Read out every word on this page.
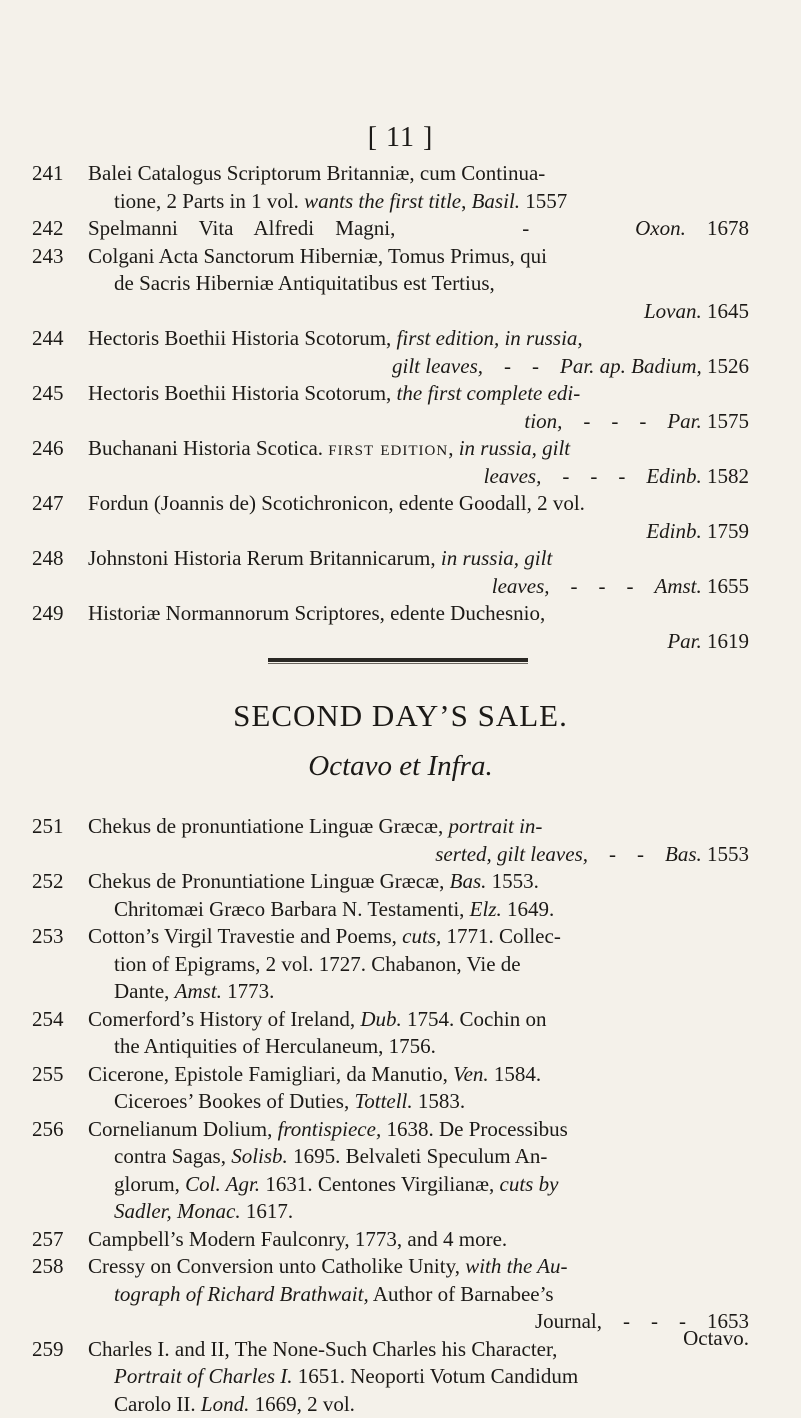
[ 11 ]
241 Balei Catalogus Scriptorum Britanniæ, cum Continua-
tione, 2 Parts in 1 vol. wants the first title, Basil. 1557
242 Spelmanni Vita Alfredi Magni,      -     Oxon. 1678
243 Colgani Acta Sanctorum Hiberniæ, Tomus Primus, qui
de Sacris Hiberniæ Antiquitatibus est Tertius,
Lovan. 1645
244 Hectoris Boethii Historia Scotorum, first edition, in russia,
gilt leaves,    -    -    Par. ap. Badium, 1526
245 Hectoris Boethii Historia Scotorum, the first complete edi-
tion,    -    -    -    Par. 1575
246 Buchanani Historia Scotica. first edition, in russia, gilt
leaves,    -    -    -    Edinb. 1582
247 Fordun (Joannis de) Scotichronicon, edente Goodall, 2 vol.
Edinb. 1759
248 Johnstoni Historia Rerum Britannicarum, in russia, gilt
leaves,    -    -    -    Amst. 1655
249 Historiæ Normannorum Scriptores, edente Duchesnio,
Par. 1619
SECOND DAY’S SALE.
Octavo et Infra.
251 Chekus de pronuntiatione Linguæ Græcæ, portrait in-
serted, gilt leaves,    -    -    Bas. 1553
252 Chekus de Pronuntiatione Linguæ Græcæ, Bas. 1553.
Chritomæi Græco Barbara N. Testamenti, Elz. 1649.
253 Cotton’s Virgil Travestie and Poems, cuts, 1771. Collec-
tion of Epigrams, 2 vol. 1727. Chabanon, Vie de
Dante, Amst. 1773.
254 Comerford’s History of Ireland, Dub. 1754. Cochin on
the Antiquities of Herculaneum, 1756.
255 Cicerone, Epistole Famigliari, da Manutio, Ven. 1584.
Ciceroes’ Bookes of Duties, Tottell. 1583.
256 Cornelianum Dolium, frontispiece, 1638. De Processibus
contra Sagas, Solisb. 1695. Belvaleti Speculum An-
glorum, Col. Agr. 1631. Centones Virgilianæ, cuts by
Sadler, Monac. 1617.
257 Campbell’s Modern Faulconry, 1773, and 4 more.
258 Cressy on Conversion unto Catholike Unity, with the Au-
tograph of Richard Brathwait, Author of Barnabee’s
Journal,    -    -    -    1653
259 Charles I. and II, The None-Such Charles his Character,
Portrait of Charles I. 1651. Neoporti Votum Candidum
Carolo II. Lond. 1669, 2 vol.
Octavo.
